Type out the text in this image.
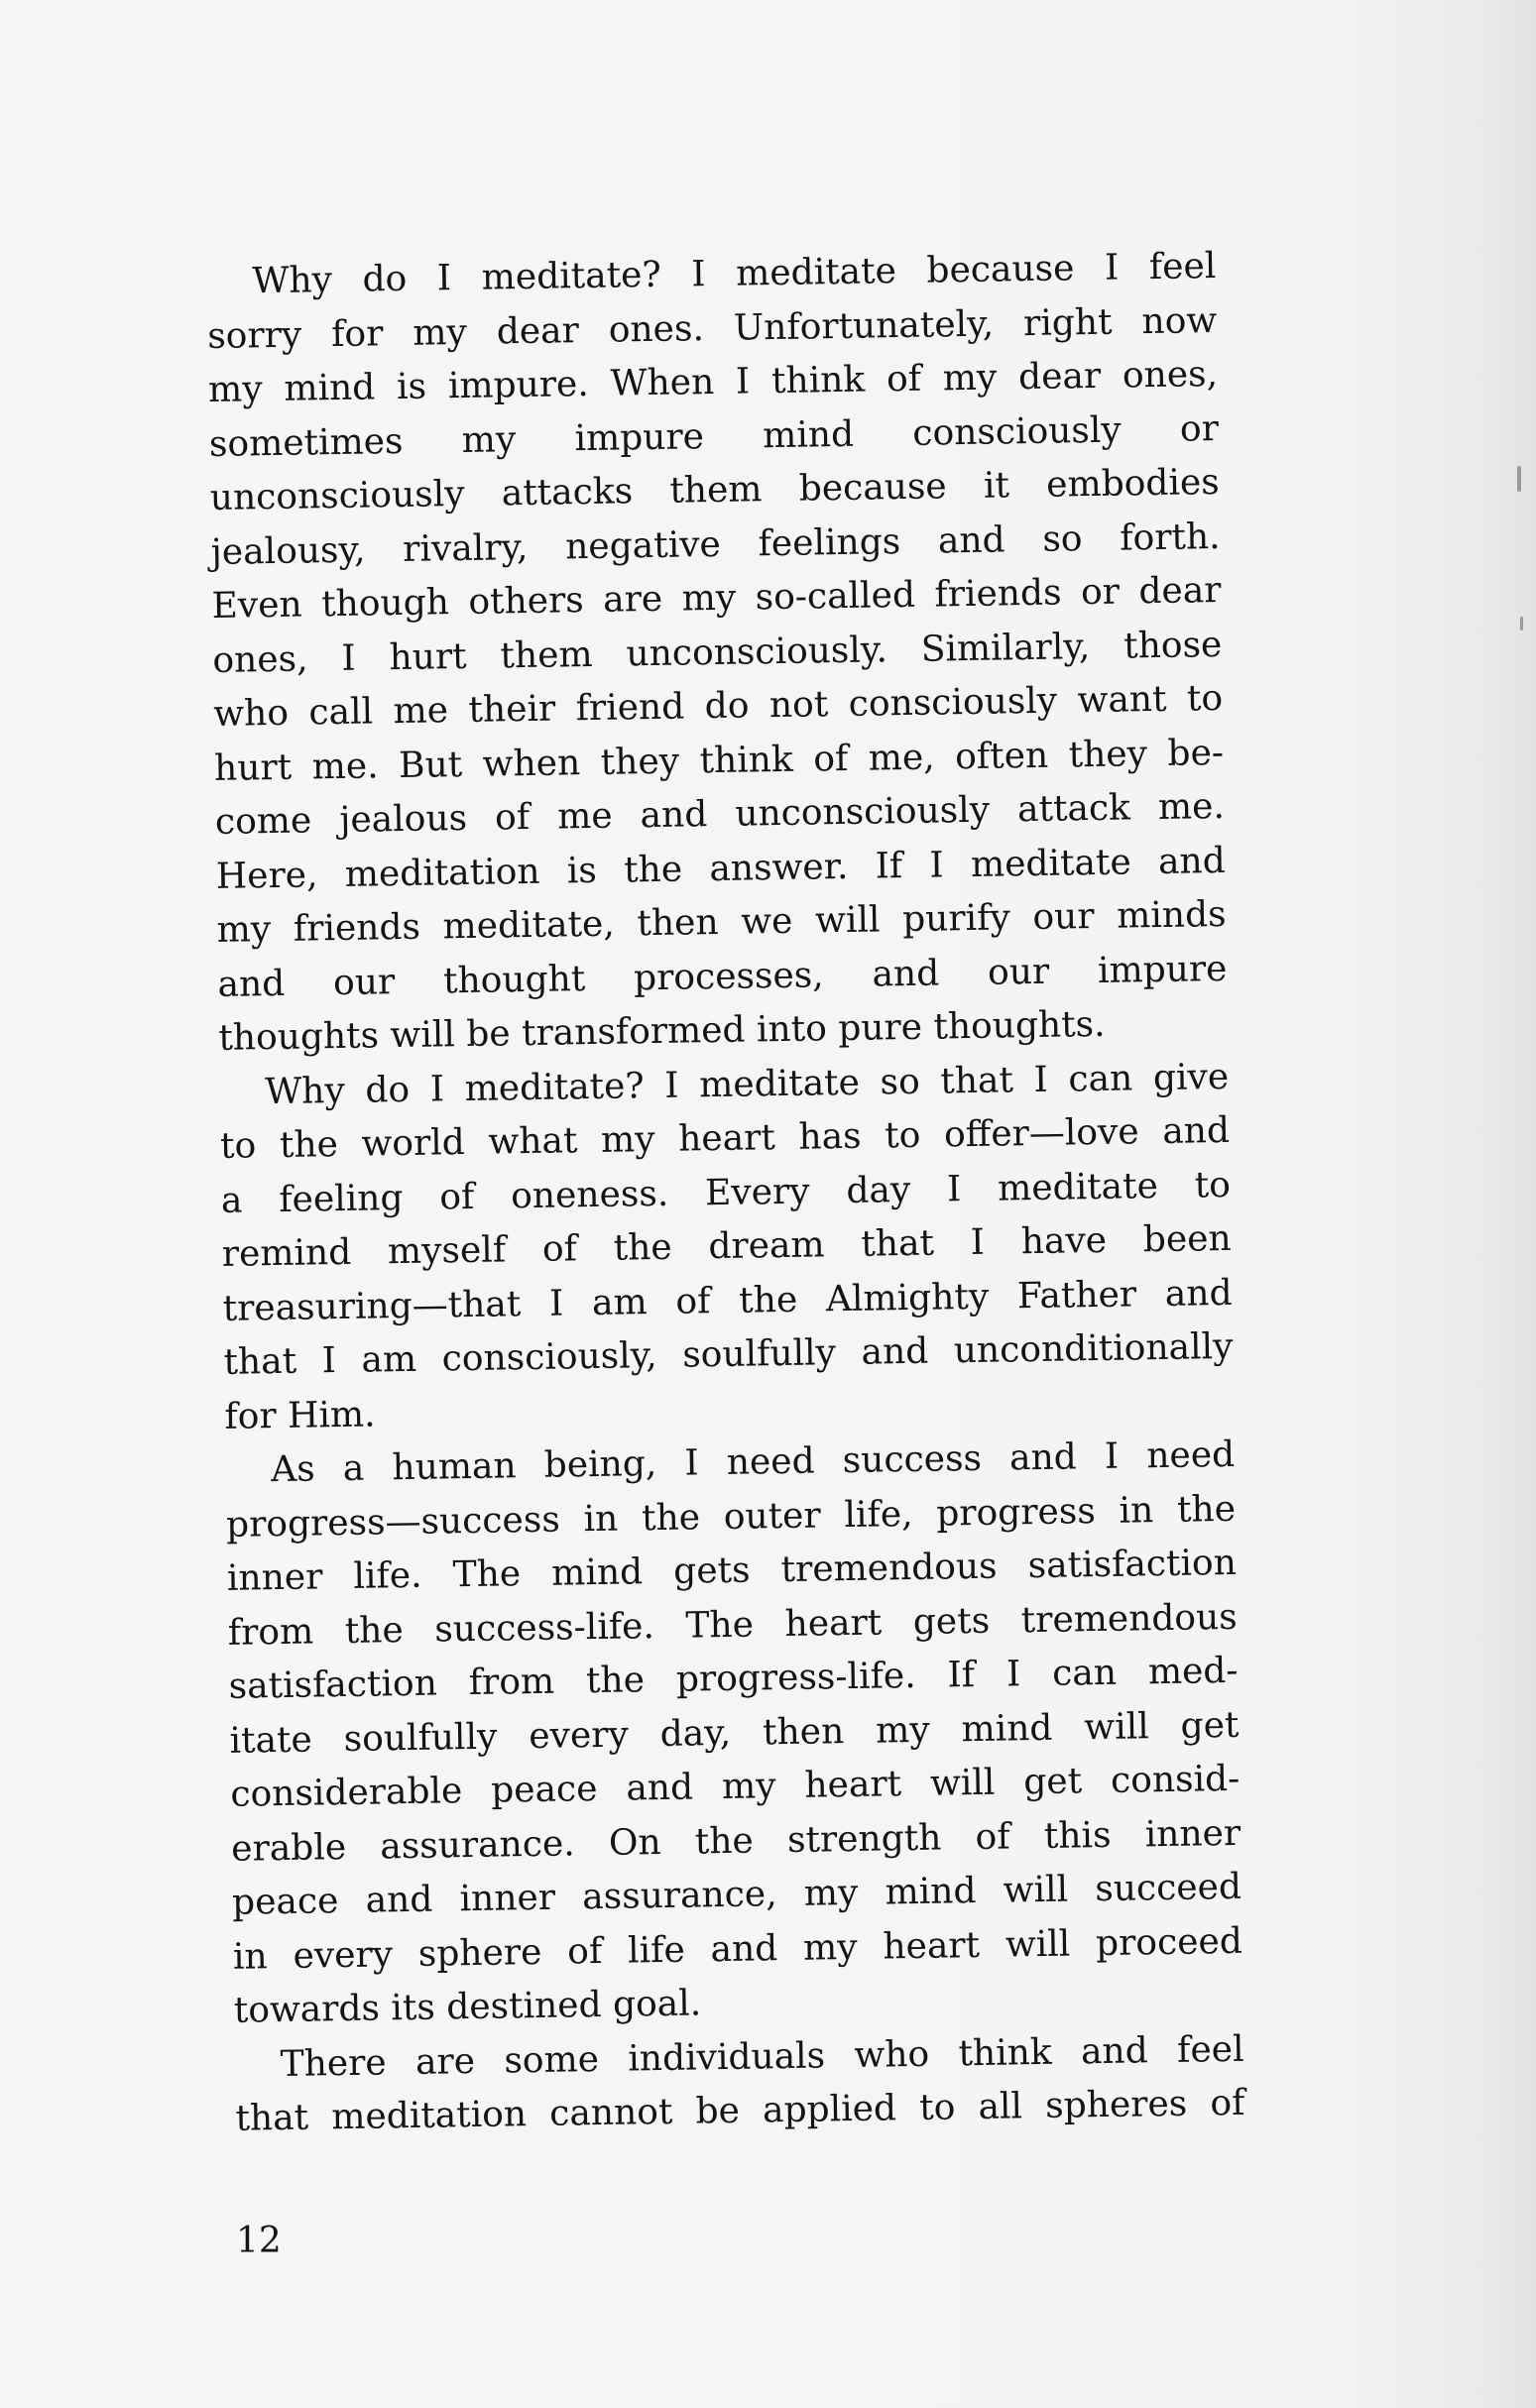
Why do I meditate? I meditate because I feel
sorry for my dear ones. Unfortunately, right now
my mind is impure. When I think of my dear ones,
sometimes my impure mind consciously or
unconsciously attacks them because it embodies
jealousy, rivalry, negative feelings and so forth.
Even though others are my so-called friends or dear
ones, I hurt them unconsciously. Similarly, those
who call me their friend do not consciously want to
hurt me. But when they think of me, often they be-
come jealous of me and unconsciously attack me.
Here, meditation is the answer. If I meditate and
my friends meditate, then we will purify our minds
and our thought processes, and our impure
thoughts will be transformed into pure thoughts.
Why do I meditate? I meditate so that I can give
to the world what my heart has to offer—love and
a feeling of oneness. Every day I meditate to
remind myself of the dream that I have been
treasuring—that I am of the Almighty Father and
that I am consciously, soulfully and unconditionally
for Him.
As a human being, I need success and I need
progress—success in the outer life, progress in the
inner life. The mind gets tremendous satisfaction
from the success-life. The heart gets tremendous
satisfaction from the progress-life. If I can med-
itate soulfully every day, then my mind will get
considerable peace and my heart will get consid-
erable assurance. On the strength of this inner
peace and inner assurance, my mind will succeed
in every sphere of life and my heart will proceed
towards its destined goal.
There are some individuals who think and feel
that meditation cannot be applied to all spheres of
12
